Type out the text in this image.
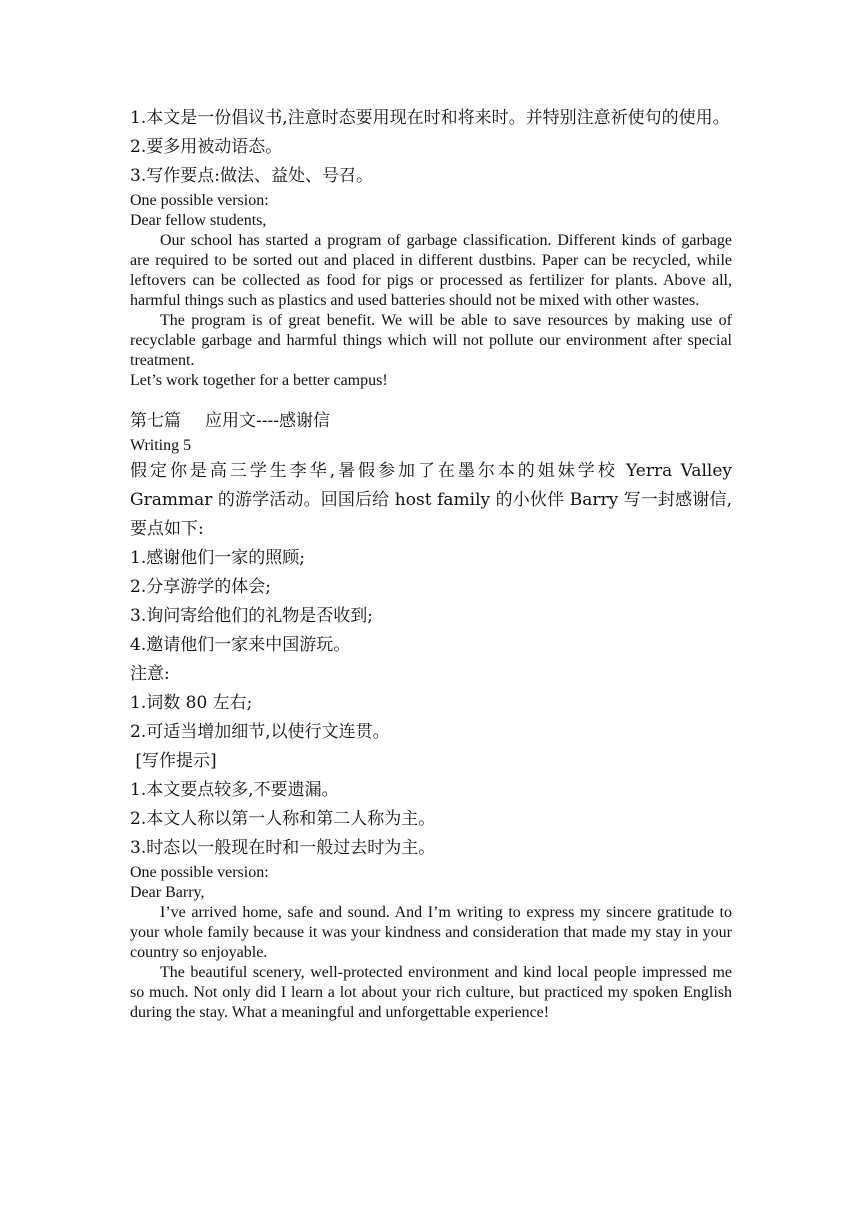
1.本文是一份倡议书,注意时态要用现在时和将来时。并特别注意祈使句的使用。

2.要多用被动语态。

3.写作要点:做法、益处、号召。

One possible version:

Dear fellow students,

Our school has started a program of garbage classification. Different kinds of garbage are required to be sorted out and placed in different dustbins. Paper can be recycled, while leftovers can be collected as food for pigs or processed as fertilizer for plants. Above all, harmful things such as plastics and used batteries should not be mixed with other wastes.

The program is of great benefit. We will be able to save resources by making use of recyclable garbage and harmful things which will not pollute our environment after special treatment.

Let’s work together for a better campus!

第七篇 应用文----感谢信

Writing 5

假定你是高三学生李华,暑假参加了在墨尔本的姐妹学校 Yerra Valley Grammar 的游学活动。回国后给 host family 的小伙伴 Barry 写一封感谢信,要点如下:

1.感谢他们一家的照顾;

2.分享游学的体会;

3.询问寄给他们的礼物是否收到;

4.邀请他们一家来中国游玩。

注意:

1.词数 80 左右;

2.可适当增加细节,以使行文连贯。

[写作提示]

1.本文要点较多,不要遗漏。

2.本文人称以第一人称和第二人称为主。

3.时态以一般现在时和一般过去时为主。

One possible version:

Dear Barry,

I’ve arrived home, safe and sound. And I’m writing to express my sincere gratitude to your whole family because it was your kindness and consideration that made my stay in your country so enjoyable.

The beautiful scenery, well-protected environment and kind local people impressed me so much. Not only did I learn a lot about your rich culture, but practiced my spoken English during the stay. What a meaningful and unforgettable experience!
